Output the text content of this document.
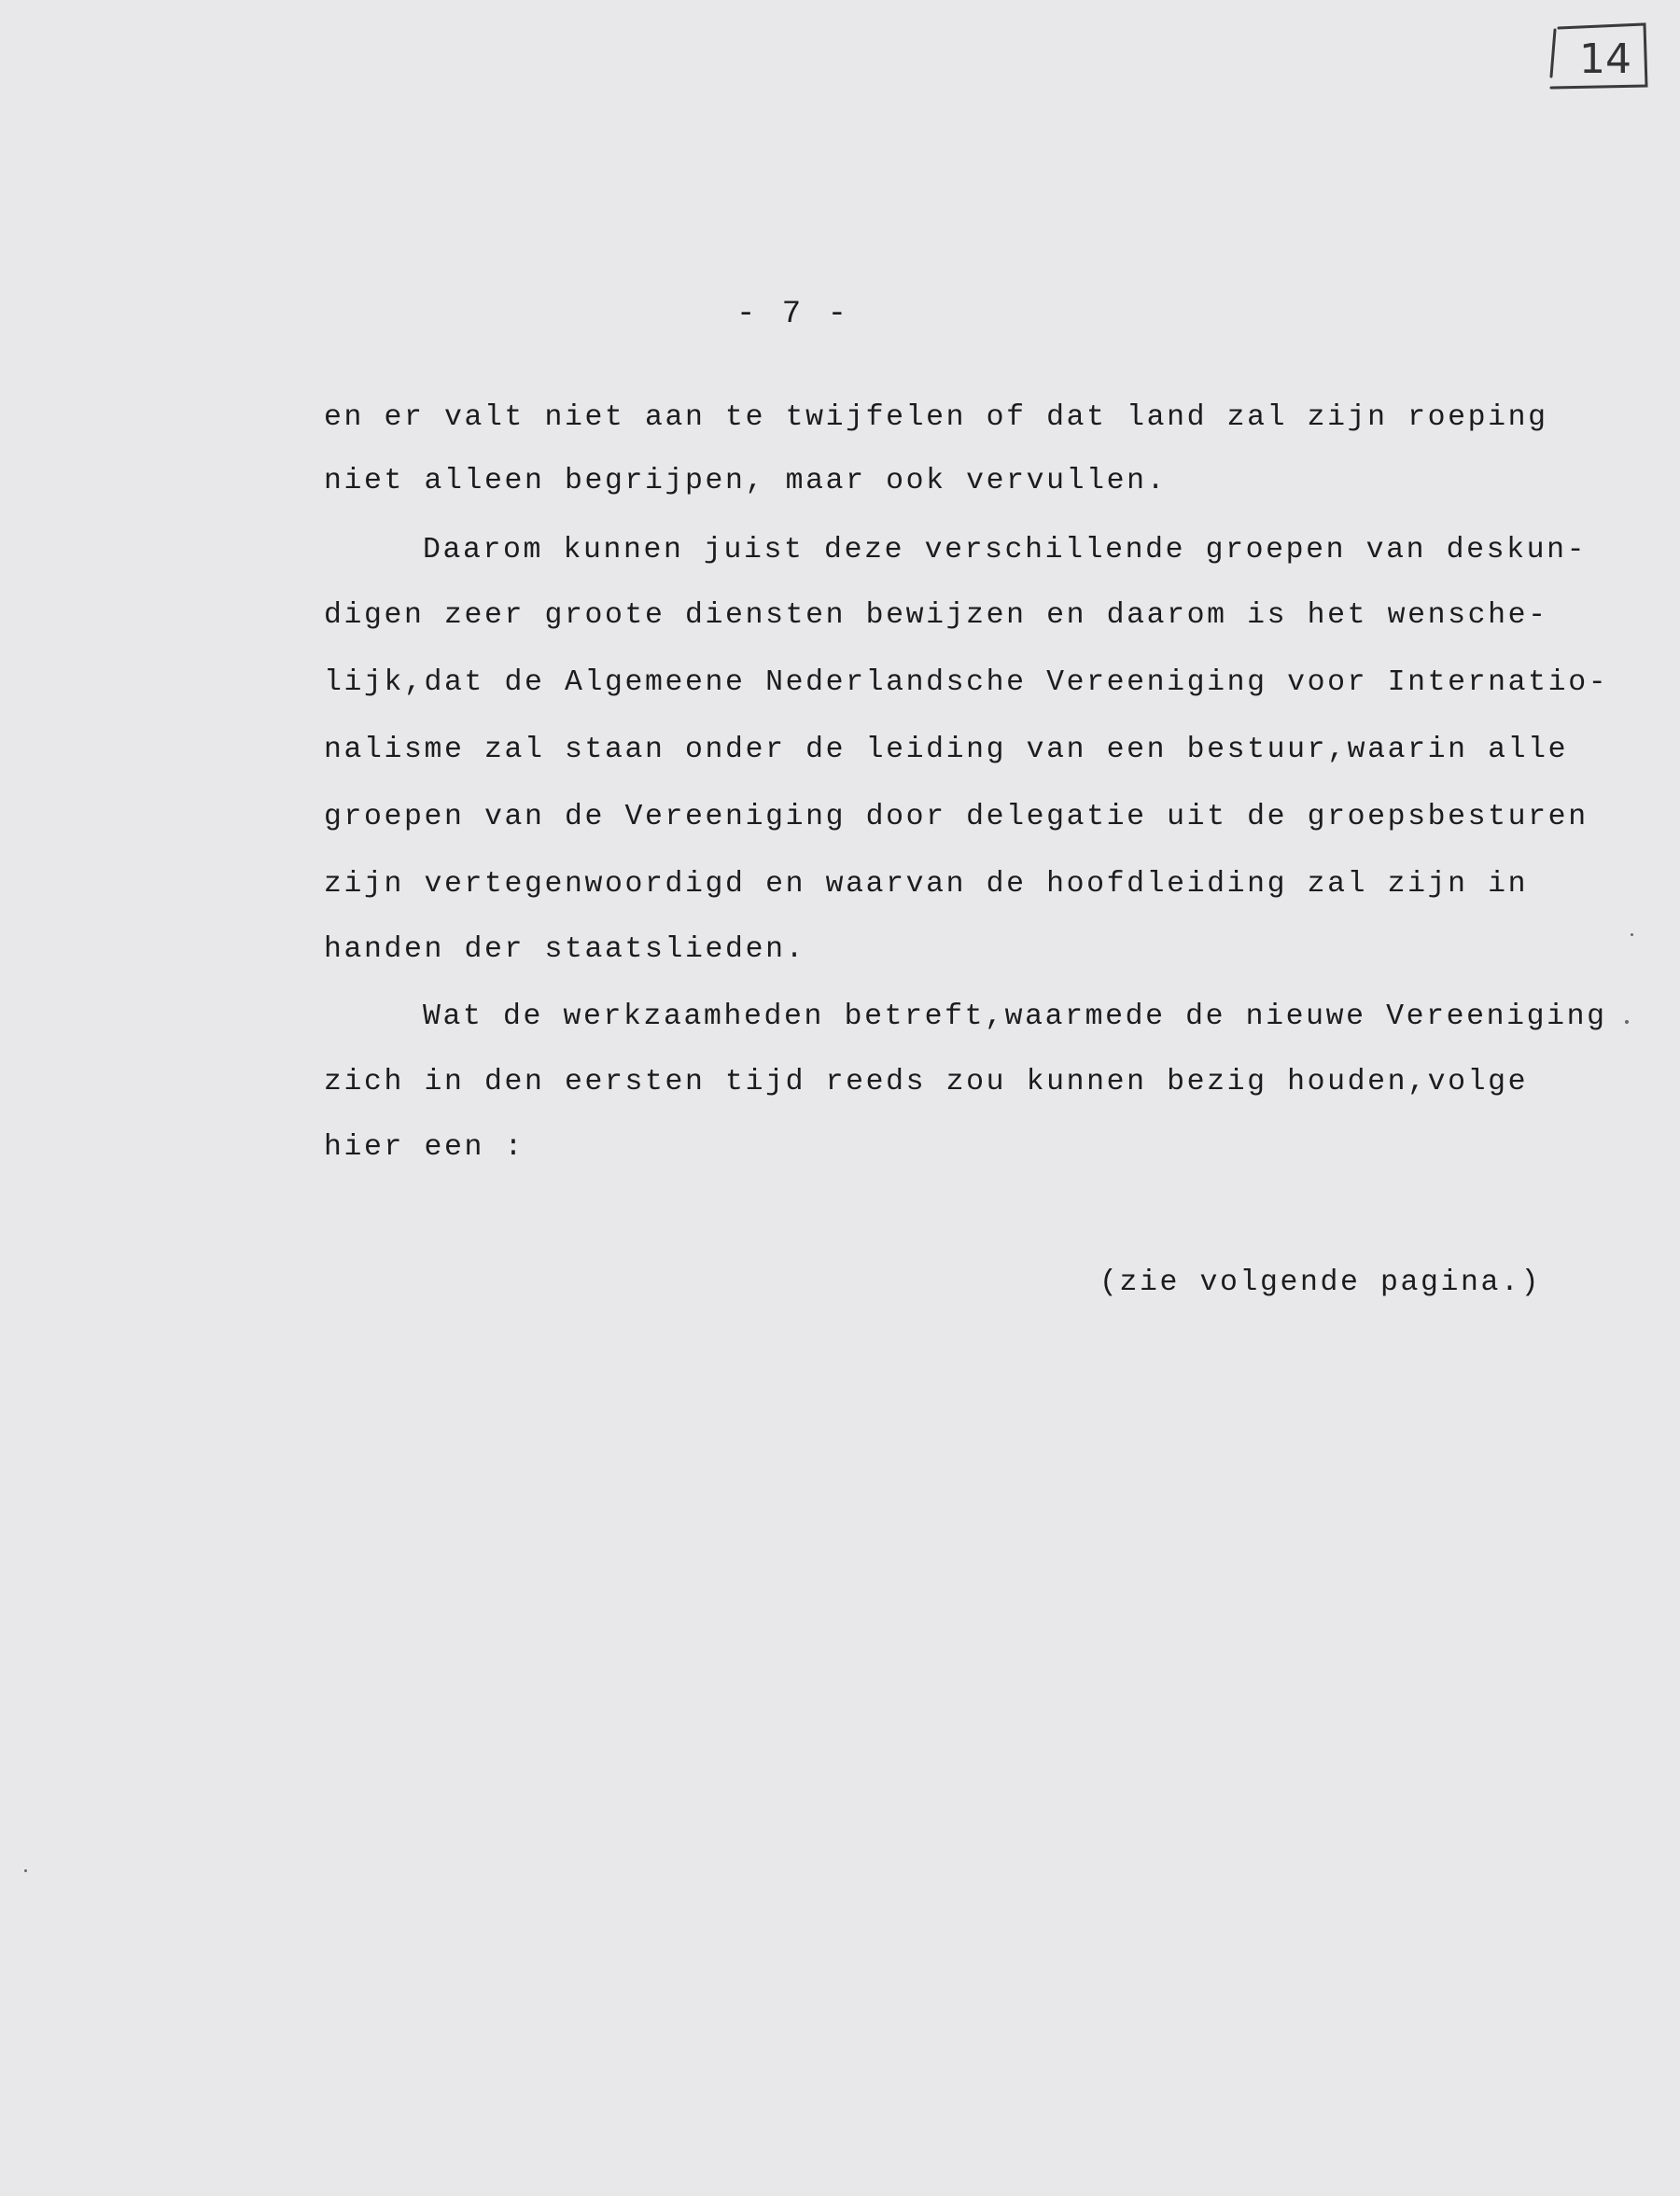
14
- 7 -
en er valt niet aan te twijfelen of dat land zal zijn roeping
niet alleen begrijpen, maar ook vervullen.
Daarom kunnen juist deze verschillende groepen van deskun-
digen zeer groote diensten bewijzen en daarom is het wensche-
lijk,dat de Algemeene Nederlandsche Vereeniging voor Internatio-
nalisme zal staan onder de leiding van een bestuur,waarin alle
groepen van de Vereeniging door delegatie uit de groepsbesturen
zijn vertegenwoordigd en waarvan de hoofdleiding zal zijn in
handen der staatslieden.
Wat de werkzaamheden betreft,waarmede de nieuwe Vereeniging
zich in den eersten tijd reeds zou kunnen bezig houden,volge
hier een :
(zie volgende pagina.)
